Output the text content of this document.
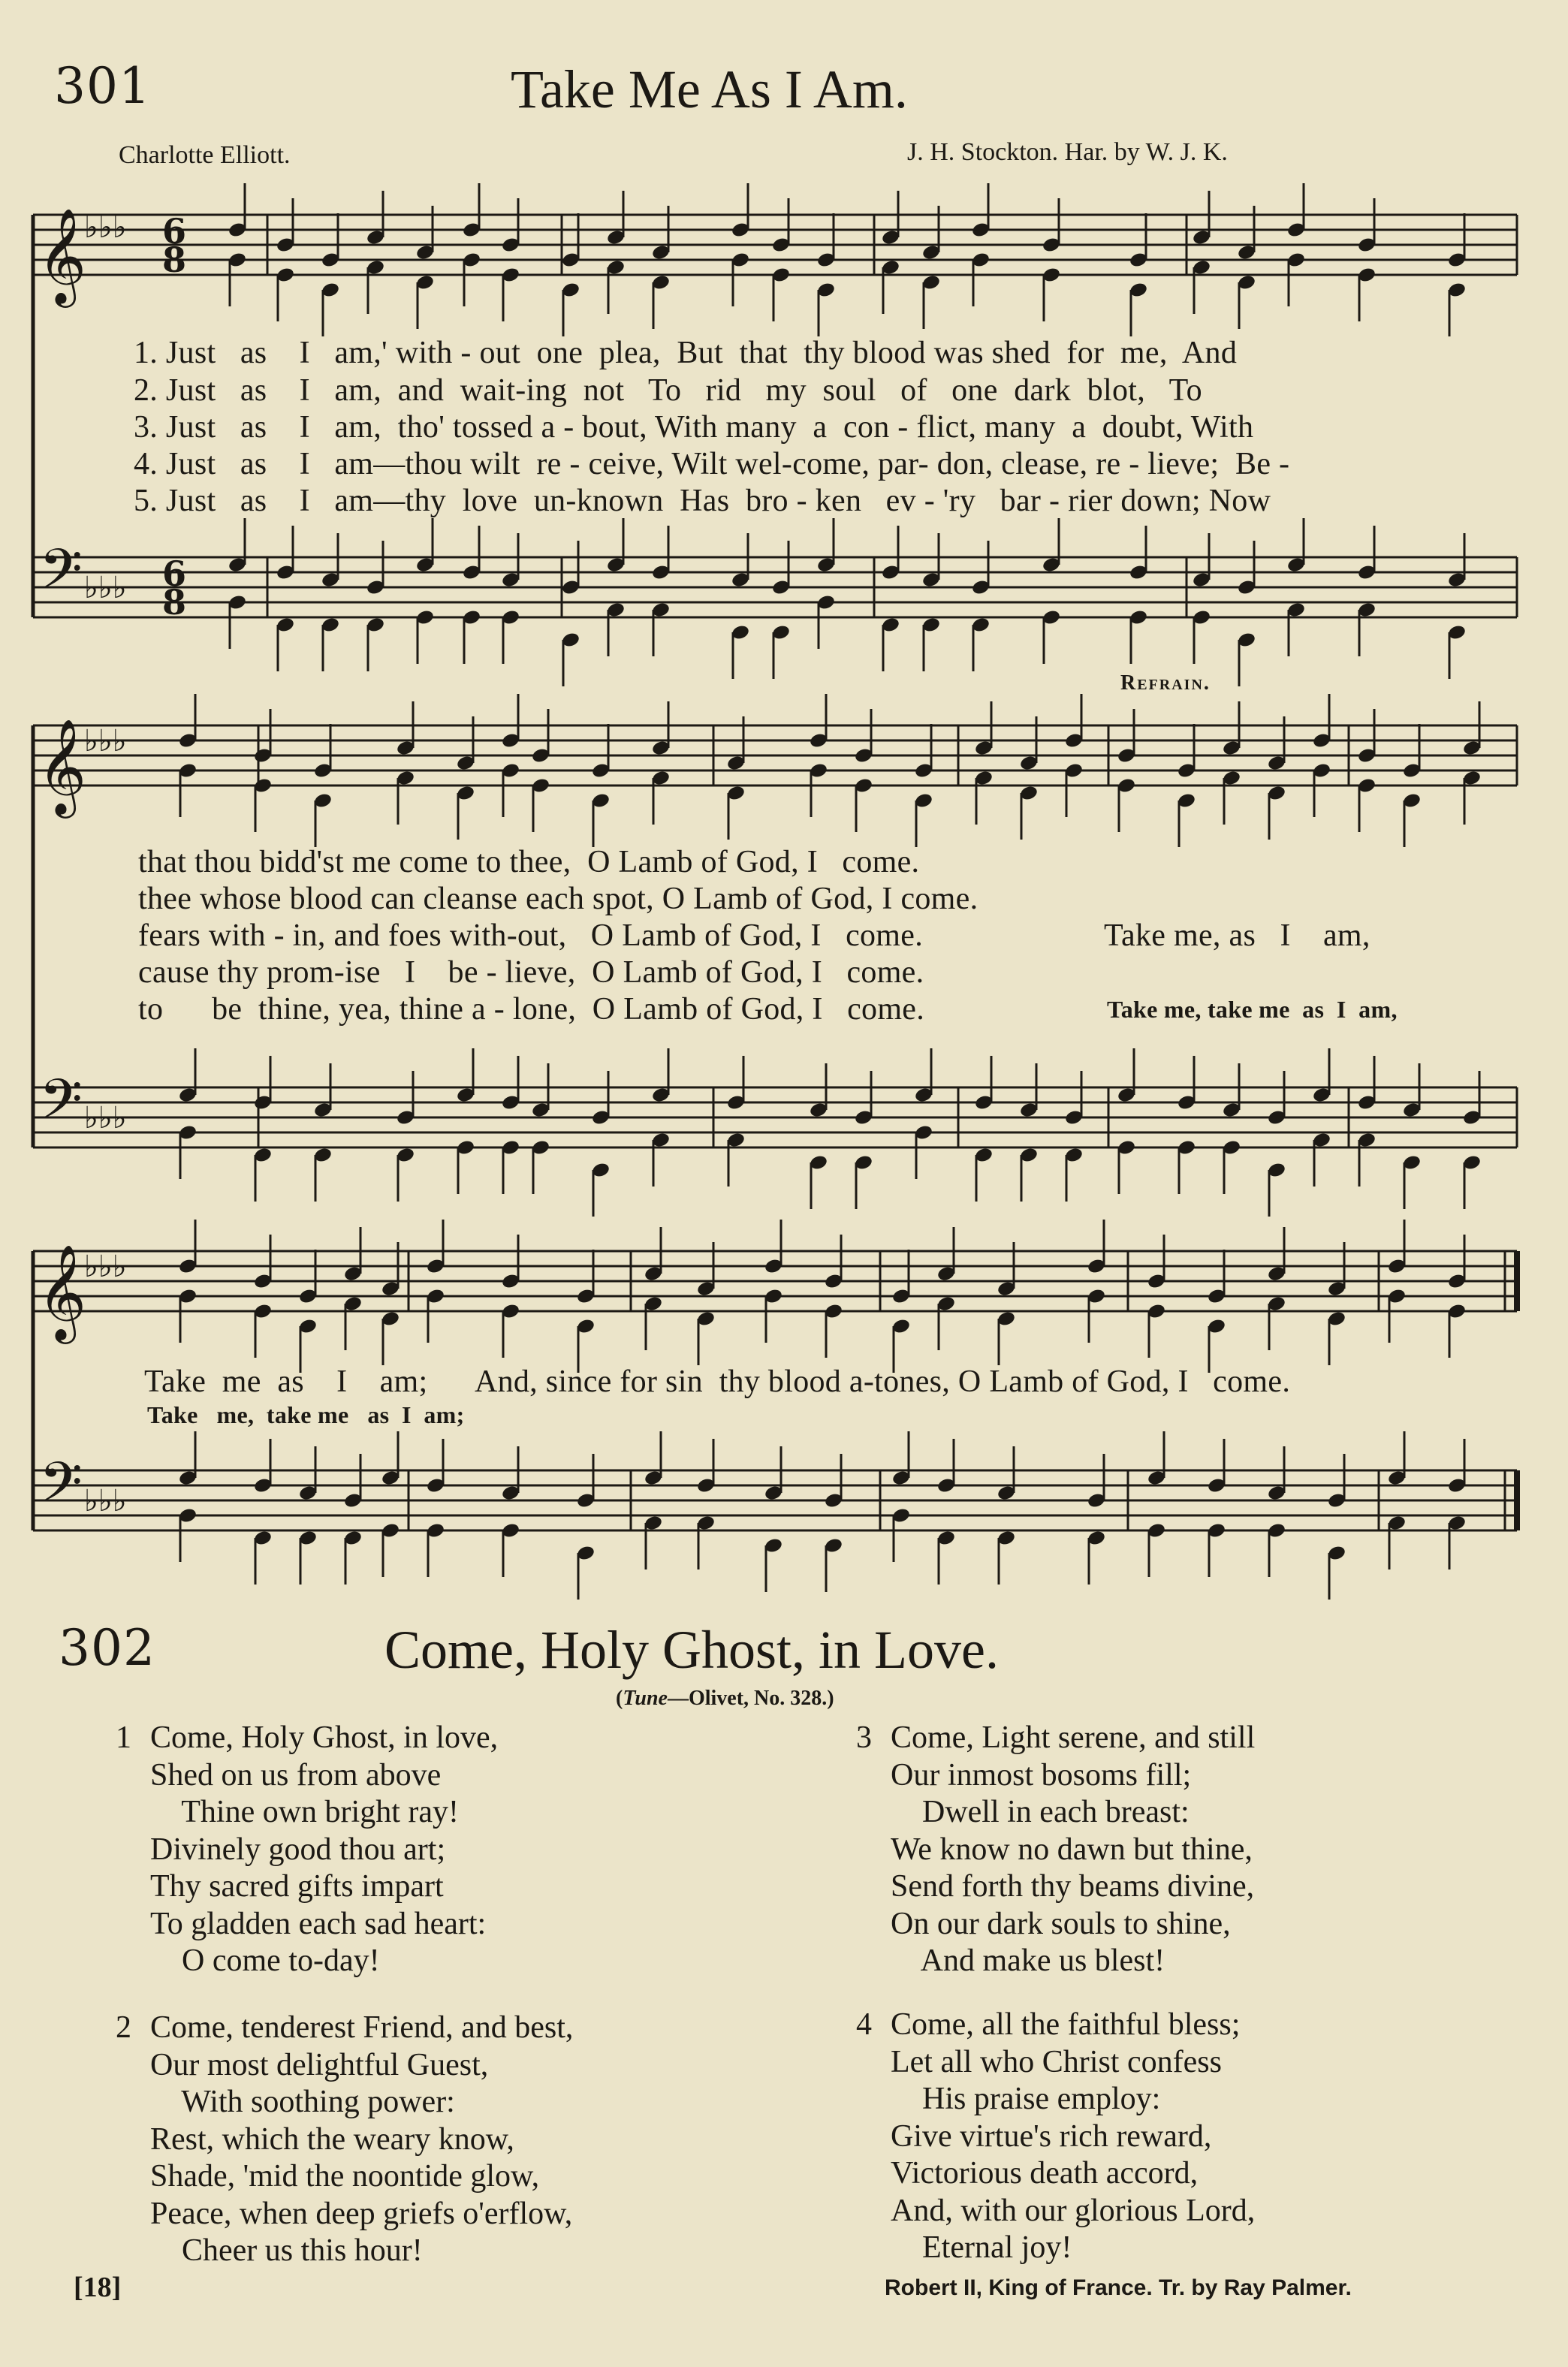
301	Take Me As I Am.
Charlotte Elliott.	J. H. Stockton. Har. by W. J. K.
𝄞
♭♭♭ 6
8
𝄢 ♭♭♭ 6
8
𝄞
♭♭♭
𝄢 ♭♭♭
𝄞
♭♭♭
𝄢 ♭♭♭
1. Just   as    I   am,' with - out  one  plea,  But  that  thy blood was shed  for  me,  And
2. Just   as    I   am,  and  wait-ing  not   To   rid   my  soul   of   one  dark  blot,   To
3. Just   as    I   am,  tho' tossed a - bout, With many  a  con - flict, many  a  doubt, With
4. Just   as    I   am—thou wilt  re - ceive, Wilt wel-come, par- don, clease, re - lieve;  Be -
5. Just   as    I   am—thy  love  un-known  Has  bro - ken   ev - 'ry   bar - rier down; Now
Refrain.
that thou bidd'st me come to thee,  O Lamb of God, I   come.
thee whose blood can cleanse each spot, O Lamb of God, I come.
fears with - in, and foes with-out,   O Lamb of God, I   come.
cause thy prom-ise   I    be - lieve,  O Lamb of God, I   come.
to      be  thine, yea, thine a - lone,  O Lamb of God, I   come.
Take me, as   I    am,
Take me, take me  as  I  am,
Take  me  as    I    am;      And, since for sin  thy blood a-tones, O Lamb of God, I   come.
Take   me,  take me   as  I  am;
302	Come, Holy Ghost, in Love.
(Tune—Olivet, No. 328.)
1 Come, Holy Ghost, in love,
Shed on us from above
Thine own bright ray!
Divinely good thou art;
Thy sacred gifts impart
To gladden each sad heart:
O come to-day!
2 Come, tenderest Friend, and best,
Our most delightful Guest,
With soothing power:
Rest, which the weary know,
Shade, 'mid the noontide glow,
Peace, when deep griefs o'erflow,
Cheer us this hour!
3 Come, Light serene, and still
Our inmost bosoms fill;
Dwell in each breast:
We know no dawn but thine,
Send forth thy beams divine,
On our dark souls to shine,
And make us blest!
4 Come, all the faithful bless;
Let all who Christ confess
His praise employ:
Give virtue's rich reward,
Victorious death accord,
And, with our glorious Lord,
Eternal joy!
[18]	Robert II, King of France. Tr. by Ray Palmer.
